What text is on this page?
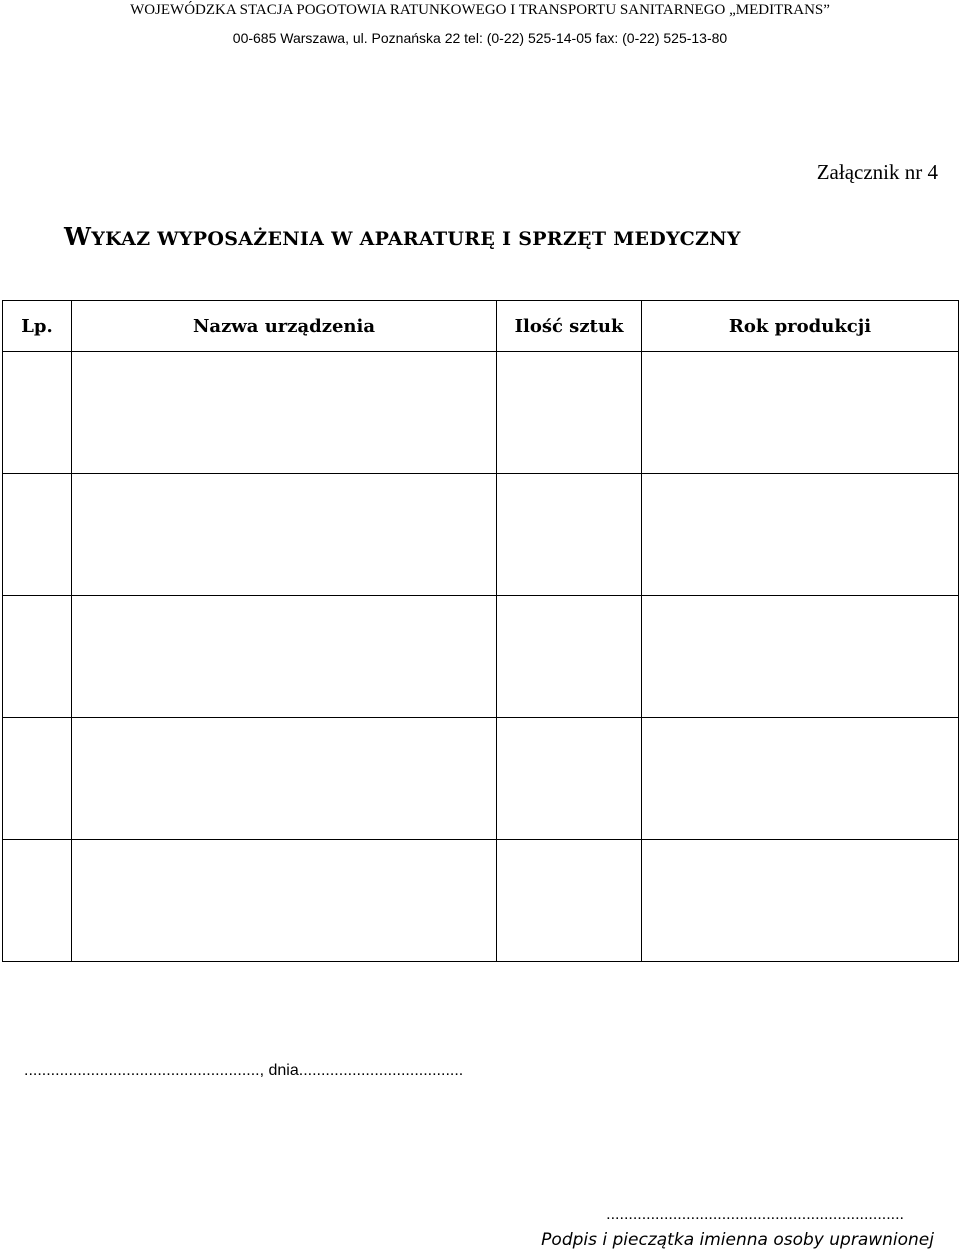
WOJEWÓDZKA STACJA POGOTOWIA RATUNKOWEGO I TRANSPORTU SANITARNEGO „MEDITRANS”
00-685 Warszawa, ul. Poznańska 22 tel: (0-22) 525-14-05 fax: (0-22) 525-13-80
Załącznik nr 4
WYKAZ WYPOSAŻENIA W APARATURĘ I SPRZĘT MEDYCZNY
Lp.	Nazwa urządzenia	Ilość sztuk	Rok produkcji

....................................................., dnia.....................................
...................................................................
Podpis i pieczątka imienna osoby uprawnionej
